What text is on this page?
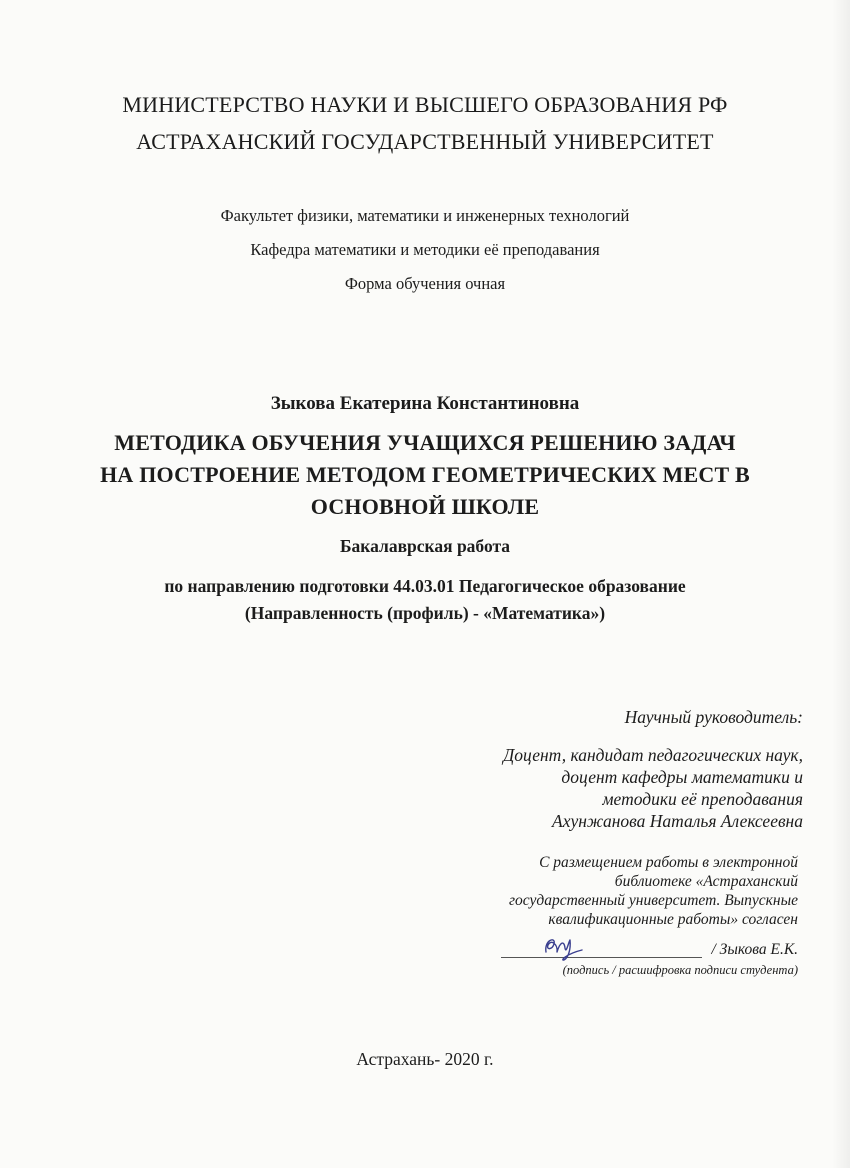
МИНИСТЕРСТВО НАУКИ И ВЫСШЕГО ОБРАЗОВАНИЯ РФ
АСТРАХАНСКИЙ ГОСУДАРСТВЕННЫЙ УНИВЕРСИТЕТ
Факультет физики, математики и инженерных технологий
Кафедра математики и методики её преподавания
Форма обучения очная
Зыкова Екатерина Константиновна
МЕТОДИКА ОБУЧЕНИЯ УЧАЩИХСЯ РЕШЕНИЮ ЗАДАЧ
НА ПОСТРОЕНИЕ МЕТОДОМ ГЕОМЕТРИЧЕСКИХ МЕСТ В
ОСНОВНОЙ ШКОЛЕ
Бакалаврская работа
по направлению подготовки 44.03.01 Педагогическое образование
(Направленность (профиль) - «Математика»)
Научный руководитель:
Доцент, кандидат педагогических наук,
доцент кафедры математики и
методики её преподавания
Ахунжанова Наталья Алексеевна
С размещением работы в электронной
библиотеке «Астраханский
государственный университет. Выпускные
квалификационные работы» согласен
/ Зыкова Е.К.
(подпись / расшифровка подписи студента)
Астрахань- 2020 г.
